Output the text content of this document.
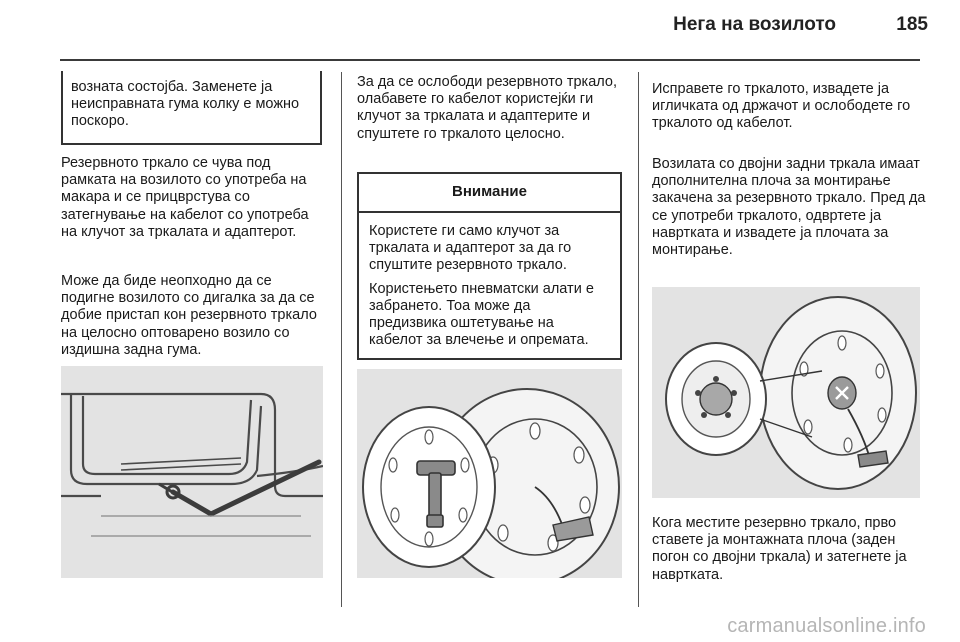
Нега на возилото	185
возната состојба. Заменете ја неисправната гума колку е можно поскоро.

Резервното тркало се чува под рамката на возилото со употреба на макара и се прицврстува со затегнување на кабелот со употреба на клучот за тркалата и адаптерот.

Може да биде неопходно да се подигне возилото со дигалка за да се добие пристап кон резервното тркало на целосно оптоварено возило со издишна задна гума.

За да се ослободи резервното тркало, олабавете го кабелот користејќи ги клучот за тркалата и адаптерите и спуштете го тркалото целосно.

Внимание

Користете ги само клучот за тркалата и адаптерот за да го спуштите резервното тркало.

Користењето пневматски алати е забрането. Тоа може да предизвика оштетување на кабелот за влечење и опремата.

Исправете го тркалото, извадете ја игличката од држачот и ослободете го тркалото од кабелот.

Возилата со двојни задни тркала имаат дополнителна плоча за монтирање закачена за резервното тркало. Пред да се употреби тркалото, одвртете ја навртката и извадете ја плочата за монтирање.

Кога местите резервно тркало, прво ставете ја монтажната плоча (заден погон со двојни тркала) и затегнете ја навртката.

carmanualsonline.info
